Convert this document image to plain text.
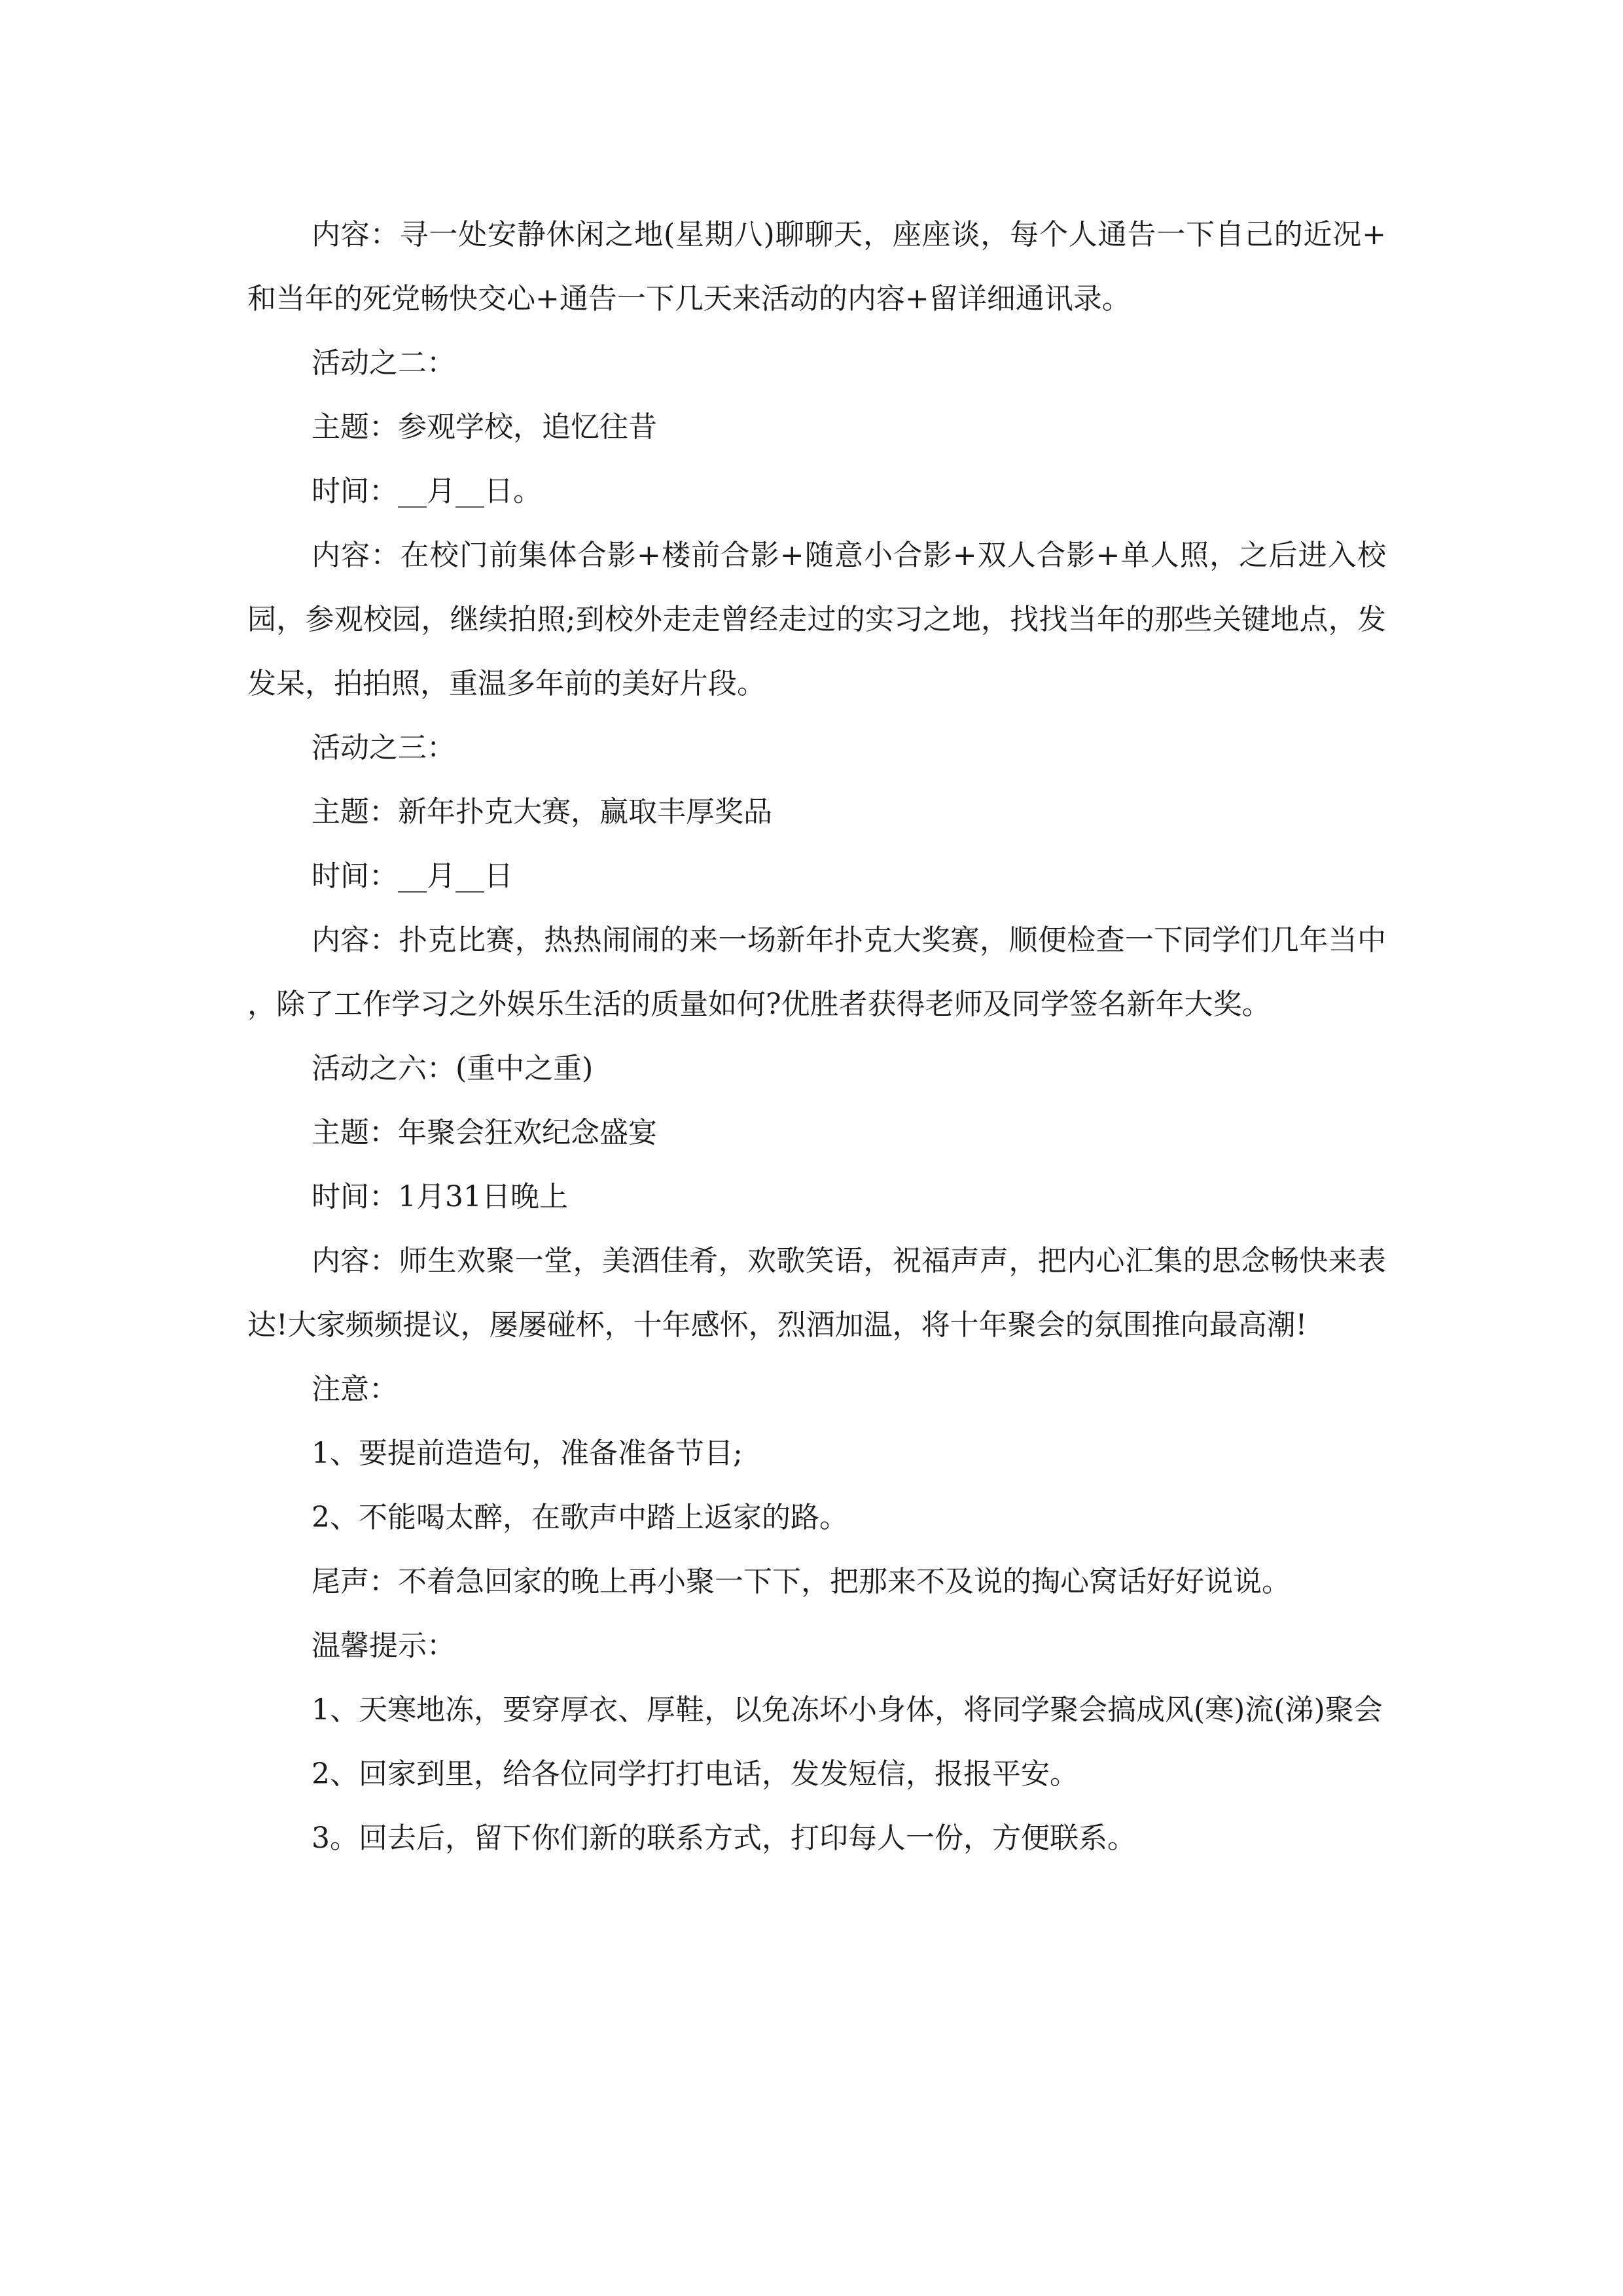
内容：寻一处安静休闲之地(星期八)聊聊天，座座谈，每个人通告一下自己的近况+和当年的死党畅快交心+通告一下几天来活动的内容+留详细通讯录。

活动之二：

主题：参观学校，追忆往昔

时间：__月__日。

内容：在校门前集体合影+楼前合影+随意小合影+双人合影+单人照，之后进入校园，参观校园，继续拍照;到校外走走曾经走过的实习之地，找找当年的那些关键地点，发发呆，拍拍照，重温多年前的美好片段。

活动之三：

主题：新年扑克大赛，赢取丰厚奖品

时间：__月__日

内容：扑克比赛，热热闹闹的来一场新年扑克大奖赛，顺便检查一下同学们几年当中，除了工作学习之外娱乐生活的质量如何?优胜者获得老师及同学签名新年大奖。

活动之六：(重中之重)

主题：年聚会狂欢纪念盛宴

时间：1月31日晚上

内容：师生欢聚一堂，美酒佳肴，欢歌笑语，祝福声声，把内心汇集的思念畅快来表达!大家频频提议，屡屡碰杯，十年感怀，烈酒加温，将十年聚会的氛围推向最高潮!

注意：

1、要提前造造句，准备准备节目;

2、不能喝太醉，在歌声中踏上返家的路。

尾声：不着急回家的晚上再小聚一下下，把那来不及说的掏心窝话好好说说。

温馨提示：

1、天寒地冻，要穿厚衣、厚鞋，以免冻坏小身体，将同学聚会搞成风(寒)流(涕)聚会

2、回家到里，给各位同学打打电话，发发短信，报报平安。

3。回去后，留下你们新的联系方式，打印每人一份，方便联系。
